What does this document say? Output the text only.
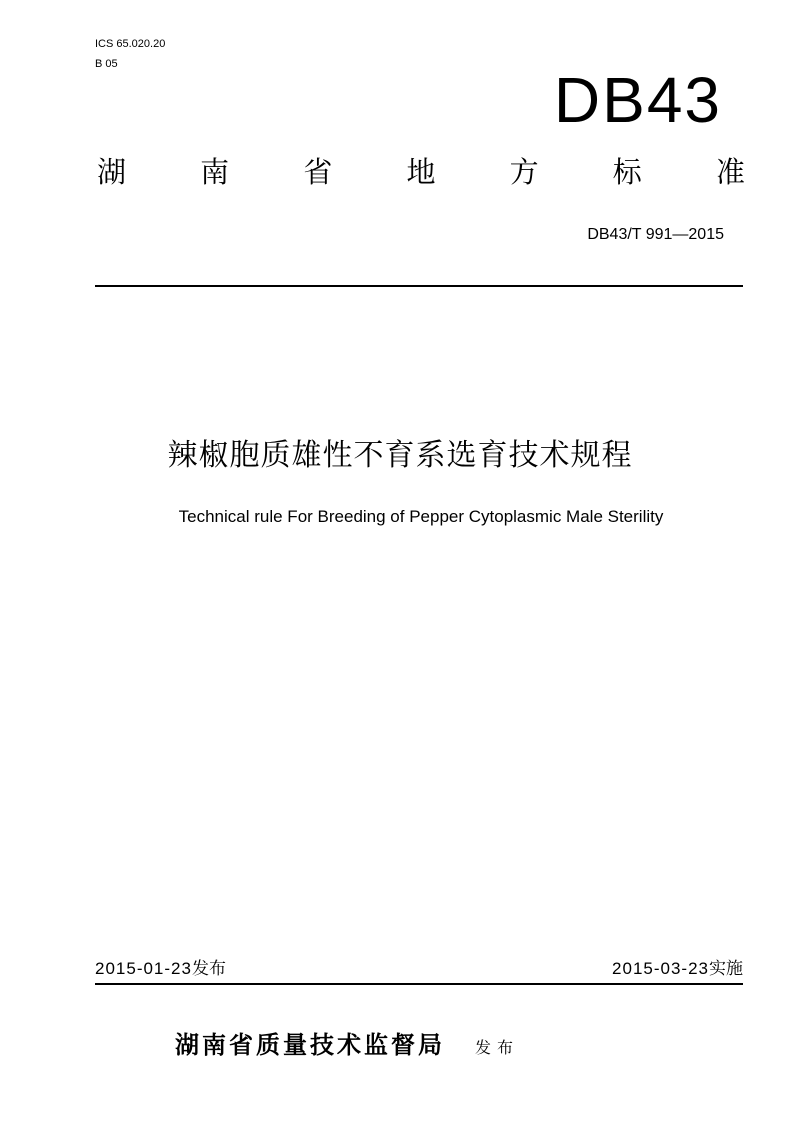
ICS 65.020.20
B 05	DB43
湖	南	省	地	方	标	准
DB43/T 991—2015
辣椒胞质雄性不育系选育技术规程
Technical rule For Breeding of Pepper Cytoplasmic Male Sterility
2015-01-23发布	2015-03-23实施
湖南省质量技术监督局 发布
